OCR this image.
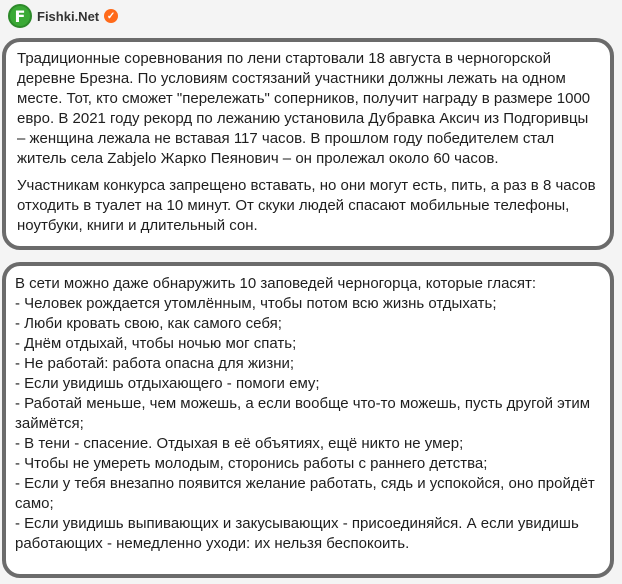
F Fishki.Net ✓

Традиционные соревнования по лени стартовали 18 августа в черногорской деревне Брезна. По условиям состязаний участники должны лежать на одном месте. Тот, кто сможет "перележать" соперников, получит награду в размере 1000 евро. В 2021 году рекорд по лежанию установила Дубравка Аксич из Подгоривцы – женщина лежала не вставая 117 часов. В прошлом году победителем стал житель села Zabjelo Жарко Пеянович – он пролежал около 60 часов.

Участникам конкурса запрещено вставать, но они могут есть, пить, а раз в 8 часов отходить в туалет на 10 минут. От скуки людей спасают мобильные телефоны, ноутбуки, книги и длительный сон.

В сети можно даже обнаружить 10 заповедей черногорца, которые гласят:
- Человек рождается утомлённым, чтобы потом всю жизнь отдыхать;
- Люби кровать свою, как самого себя;
- Днём отдыхай, чтобы ночью мог спать;
- Не работай: работа опасна для жизни;
- Если увидишь отдыхающего - помоги ему;
- Работай меньше, чем можешь, а если вообще что-то можешь, пусть другой этим займётся;
- В тени - спасение. Отдыхая в её объятиях, ещё никто не умер;
- Чтобы не умереть молодым, сторонись работы с раннего детства;
- Если у тебя внезапно появится желание работать, сядь и успокойся, оно пройдёт само;
- Если увидишь выпивающих и закусывающих - присоединяйся. А если увидишь работающих - немедленно уходи: их нельзя беспокоить.
